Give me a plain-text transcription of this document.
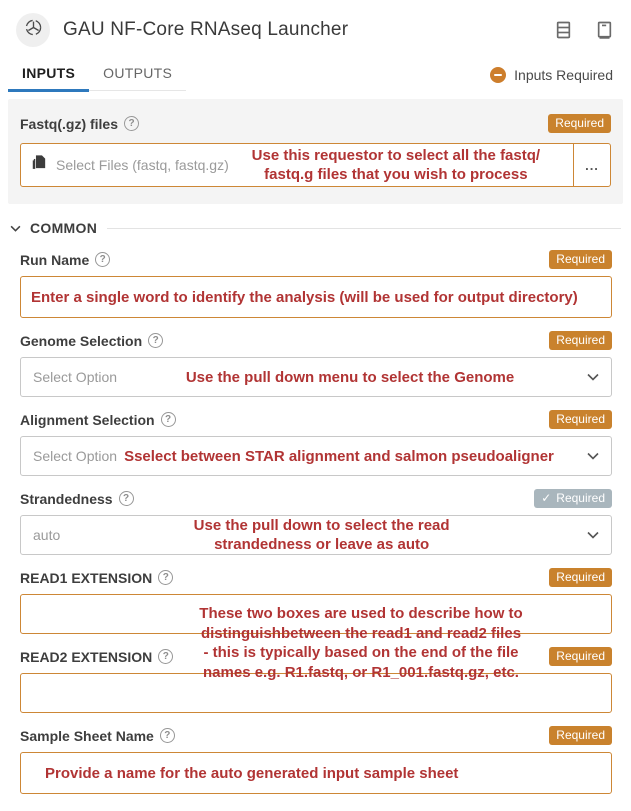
GAU NF-Core RNAseq Launcher
INPUTS	OUTPUTS	Inputs Required
Fastq(.gz) files	?	Required
Select Files (fastq, fastq.gz)
Use this requestor to select all the fastq/
fastq.g files that you wish to process
...
COMMON
Run Name	?	Required
Enter a single word to identify the analysis (will be used for output directory)
Genome Selection	?	Required
Select Option	Use the pull down menu to select the Genome
Alignment Selection	?	Required
Select Option Sselect between STAR alignment and salmon pseudoaligner
Strandedness	?	✓ Required
auto
Use the pull down to select the read
strandedness or leave as auto
READ1 EXTENSION	?	Required
READ2 EXTENSION	?	Required
These two boxes are used to describe how to
distinguishbetween the read1 and read2 files
- this is typically based on the end of the file
names e.g. R1.fastq, or R1_001.fastq.gz, etc.
Sample Sheet Name	?	Required
Provide a name for the auto generated input sample sheet
